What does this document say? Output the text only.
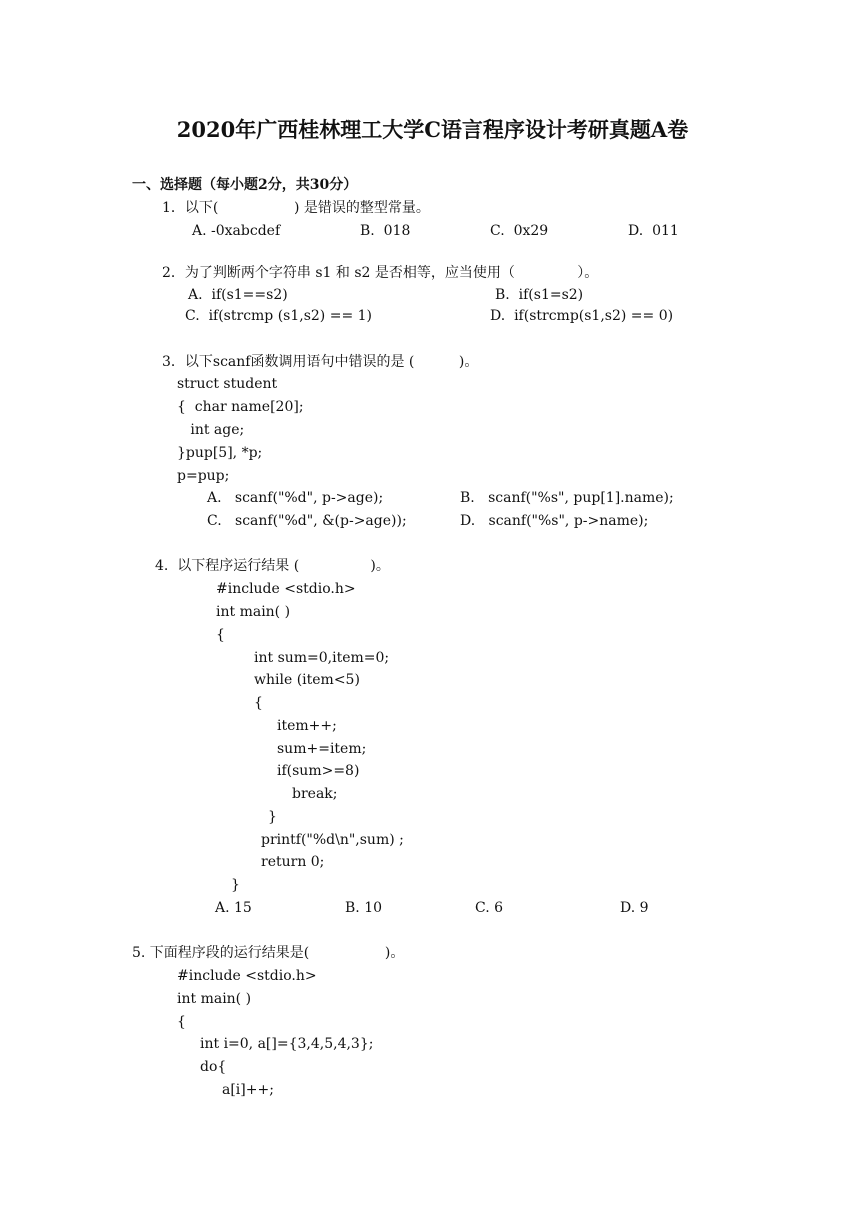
2020年广西桂林理工大学C语言程序设计考研真题A卷
一、选择题（每小题2分，共30分）
1．以下(                 ) 是错误的整型常量。
A. -0xabcdef	B.  018	C.  0x29	D.  011
2．为了判断两个字符串 s1 和 s2 是否相等，应当使用（              ）。
A.  if(s1==s2)	B.  if(s1=s2)
C.  if(strcmp (s1,s2) == 1)	D.  if(strcmp(s1,s2) == 0)
3．以下scanf函数调用语句中错误的是 (          )。
struct student
{  char name[20];
int age;
}pup[5], *p;
p=pup;
A.   scanf("%d", p->age);	B.   scanf("%s", pup[1].name);
C.   scanf("%d", &(p->age));	D.   scanf("%s", p->name);
4.  以下程序运行结果 (                )。
#include <stdio.h>
int main( )
{
int sum=0,item=0;
while (item<5)
{
item++;
sum+=item;
if(sum>=8)
break;
}
printf("%d\n",sum) ;
return 0;
}
A. 15	B. 10	C. 6	D. 9
5. 下面程序段的运行结果是(                 )。
#include <stdio.h>
int main( )
{
int i=0, a[]={3,4,5,4,3};
do{
a[i]++;
